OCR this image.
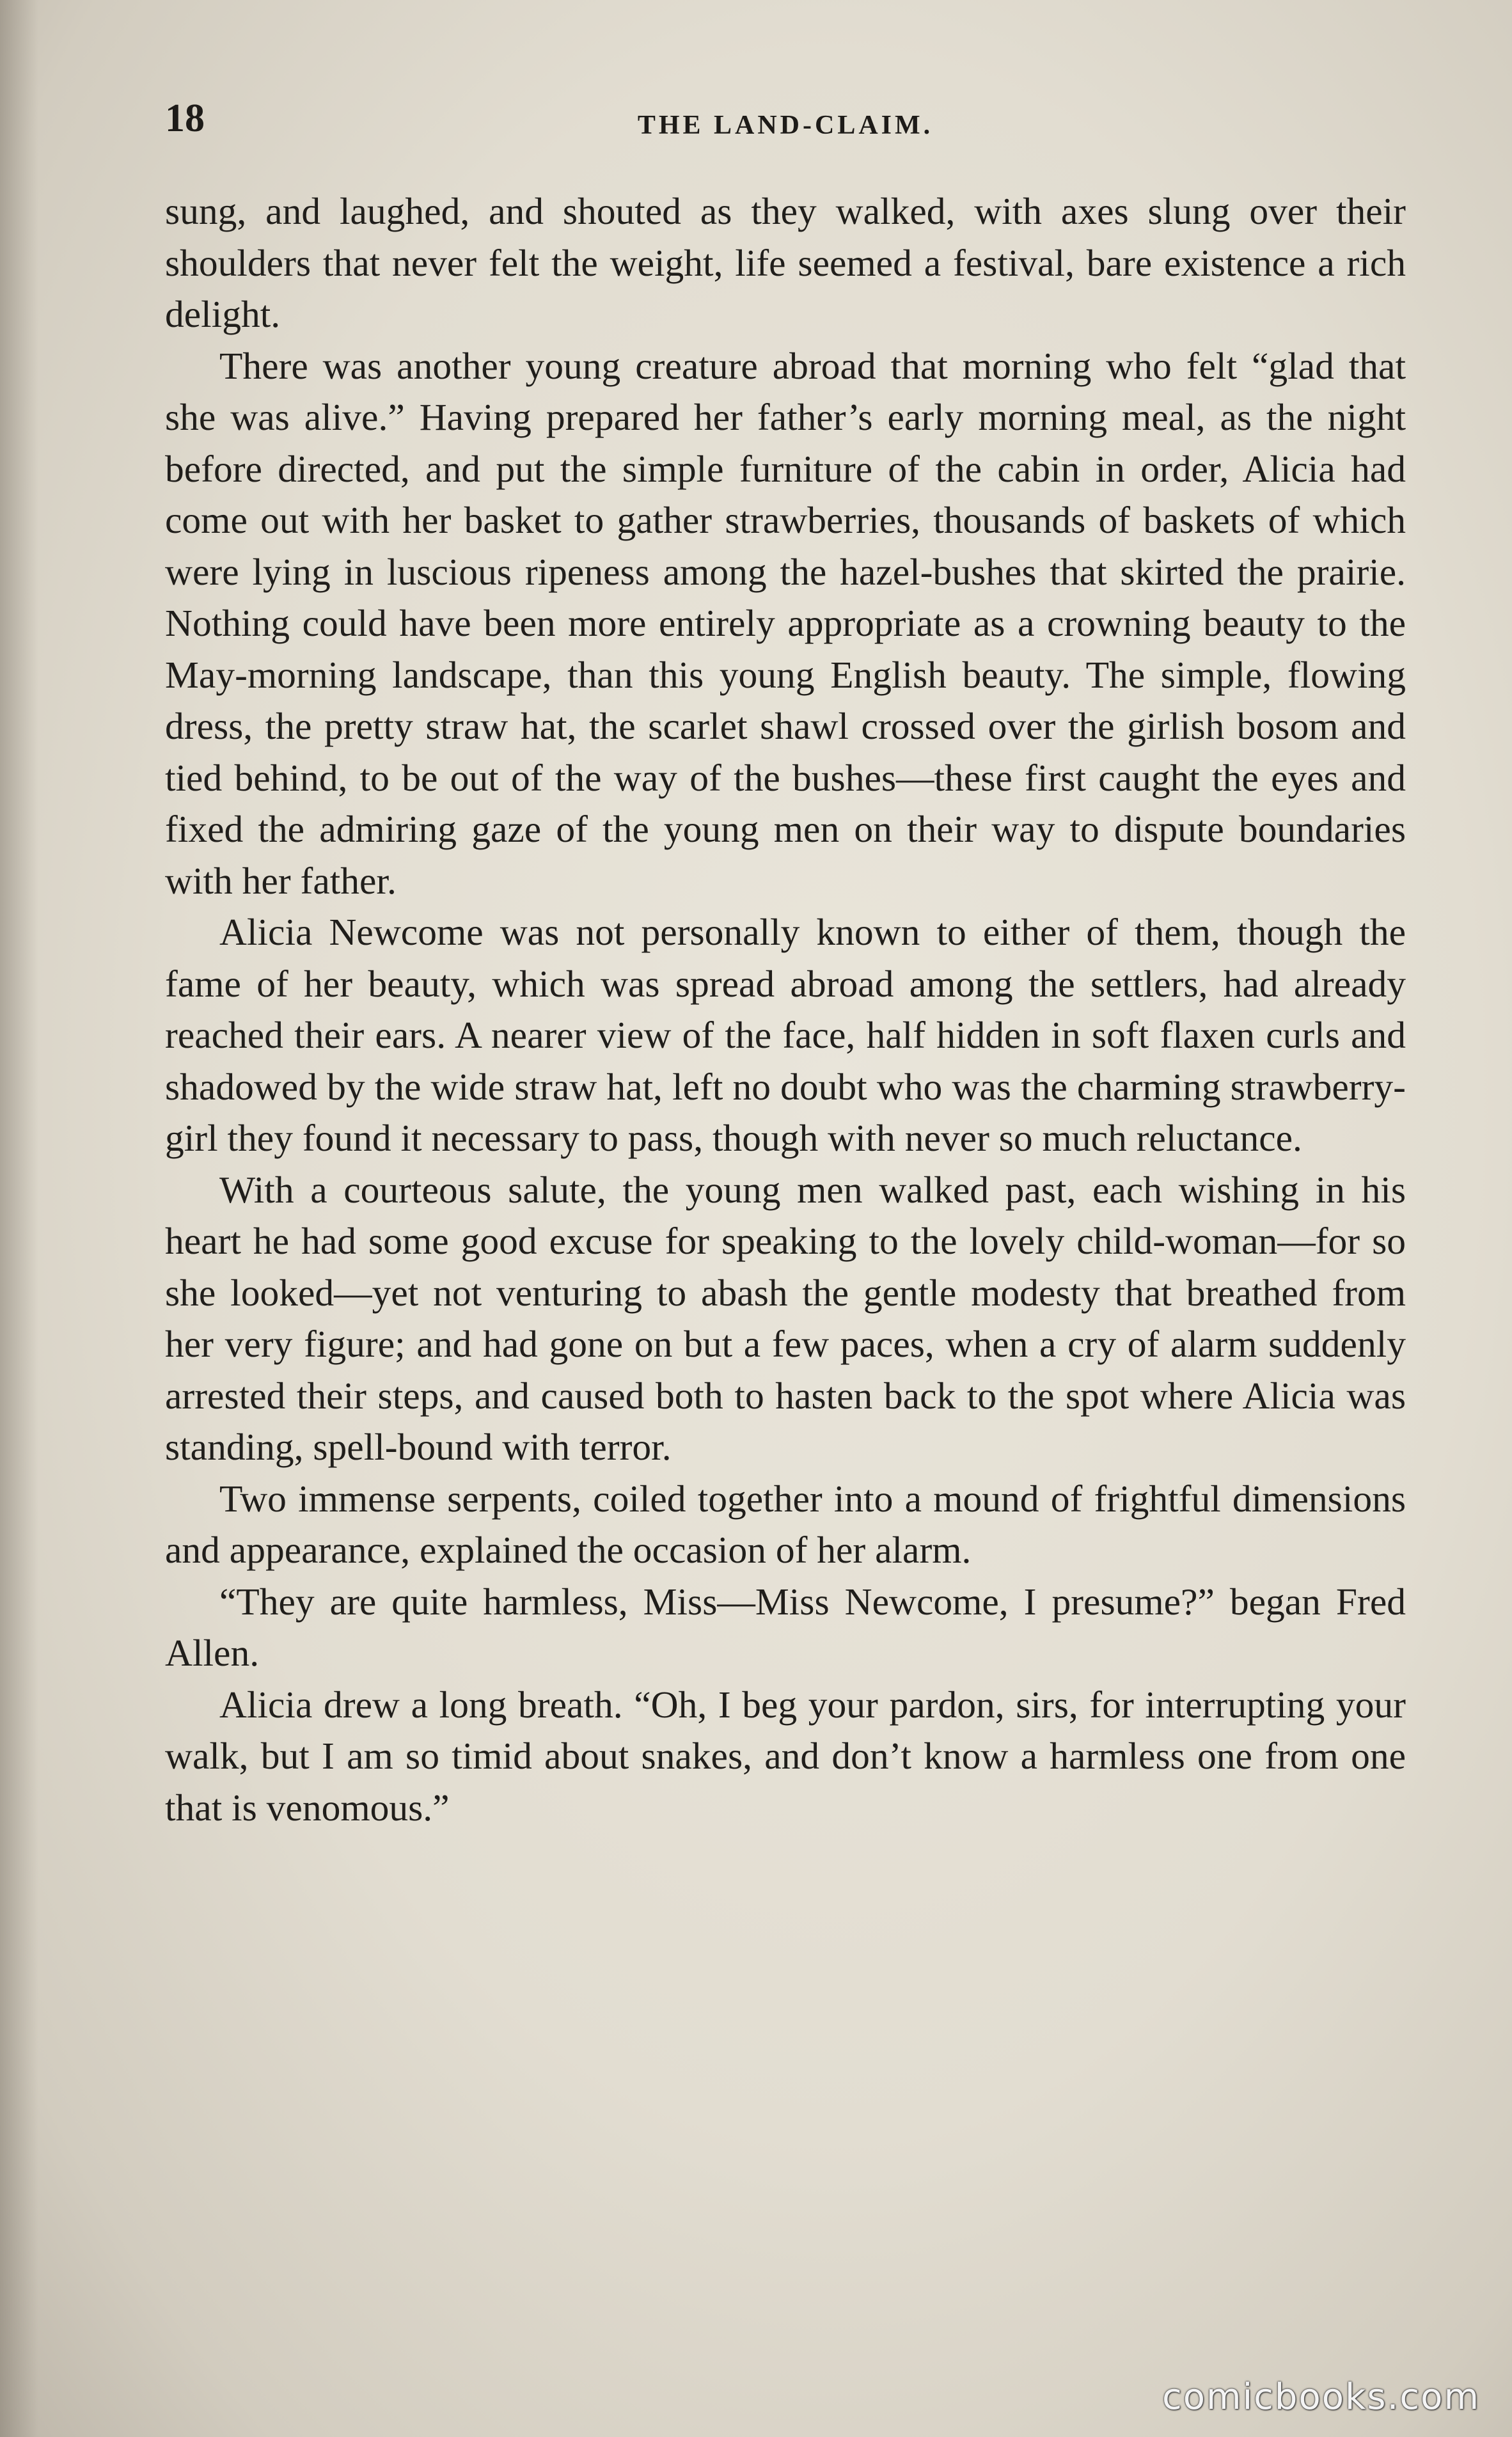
18	THE LAND-CLAIM.

sung, and laughed, and shouted as they walked, with axes slung over their shoulders that never felt the weight, life seemed a festival, bare existence a rich delight.

There was another young creature abroad that morning who felt “glad that she was alive.” Having prepared her father’s early morning meal, as the night before directed, and put the simple furniture of the cabin in order, Alicia had come out with her basket to gather strawberries, thousands of baskets of which were lying in luscious ripeness among the hazel-bushes that skirted the prairie. Nothing could have been more entirely appropriate as a crowning beauty to the May-morning landscape, than this young English beauty. The simple, flowing dress, the pretty straw hat, the scarlet shawl crossed over the girlish bosom and tied behind, to be out of the way of the bushes—these first caught the eyes and fixed the admiring gaze of the young men on their way to dispute boundaries with her father.

Alicia Newcome was not personally known to either of them, though the fame of her beauty, which was spread abroad among the settlers, had already reached their ears. A nearer view of the face, half hidden in soft flaxen curls and shadowed by the wide straw hat, left no doubt who was the charming strawberry-girl they found it necessary to pass, though with never so much reluctance.

With a courteous salute, the young men walked past, each wishing in his heart he had some good excuse for speaking to the lovely child-woman—for so she looked—yet not venturing to abash the gentle modesty that breathed from her very figure; and had gone on but a few paces, when a cry of alarm suddenly arrested their steps, and caused both to hasten back to the spot where Alicia was standing, spell-bound with terror.

Two immense serpents, coiled together into a mound of frightful dimensions and appearance, explained the occasion of her alarm.

“They are quite harmless, Miss—Miss Newcome, I presume?” began Fred Allen.

Alicia drew a long breath. “Oh, I beg your pardon, sirs, for interrupting your walk, but I am so timid about snakes, and don’t know a harmless one from one that is venomous.”

comicbooks.com
